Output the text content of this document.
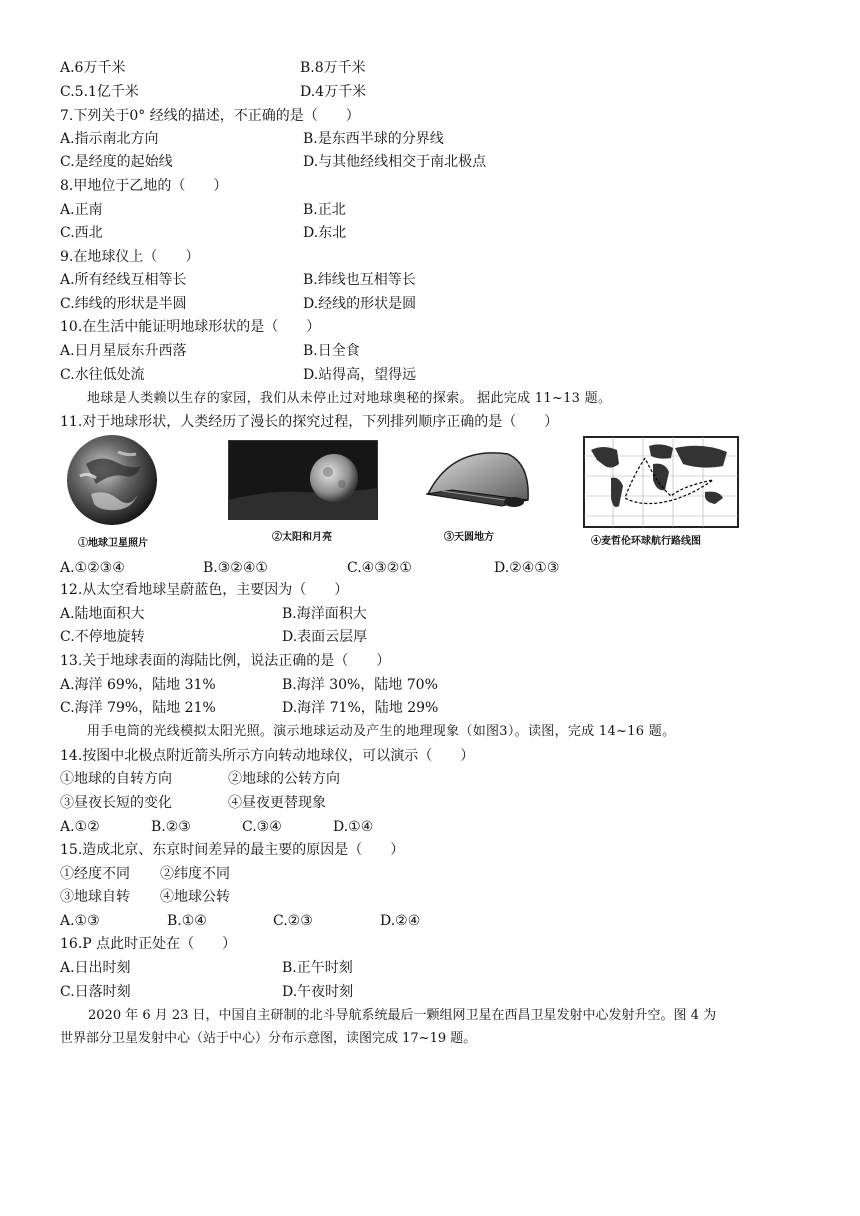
A.6万千米	B.8万千米
C.5.1亿千米	D.4万千米
7.下列关于0° 经线的描述，不正确的是（　　）
A.指示南北方向	B.是东西半球的分界线
C.是经度的起始线	D.与其他经线相交于南北极点
8.甲地位于乙地的（　　）
A.正南	B.正北
C.西北	D.东北
9.在地球仪上（　　）
A.所有经线互相等长	B.纬线也互相等长
C.纬线的形状是半圆	D.经线的形状是圆
10.在生活中能证明地球形状的是（　　）
A.日月星辰东升西落	B.日全食
C.水往低处流	D.站得高，望得远
地球是人类赖以生存的家园，我们从未停止过对地球奥秘的探索。 据此完成 11~13 题。
11.对于地球形状，人类经历了漫长的探究过程，下列排列顺序正确的是（　　）
①地球卫星照片
②太阳和月亮	③天圆地方	④麦哲伦环球航行路线图
A.①②③④	B.③②④①	C.④③②①	D.②④①③
12.从太空看地球呈蔚蓝色，主要因为（　　）
A.陆地面积大	B.海洋面积大
C.不停地旋转	D.表面云层厚
13.关于地球表面的海陆比例，说法正确的是（　　）
A.海洋 69%，陆地 31%	B.海洋 30%，陆地 70%
C.海洋 79%，陆地 21%	D.海洋 71%，陆地 29%
用手电筒的光线模拟太阳光照。演示地球运动及产生的地理现象（如图3）。读图，完成 14~16 题。
14.按图中北极点附近箭头所示方向转动地球仪，可以演示（　　）
①地球的自转方向	②地球的公转方向
③昼夜长短的变化	④昼夜更替现象
A.①②	B.②③	C.③④	D.①④
15.造成北京、东京时间差异的最主要的原因是（　　）
①经度不同 ②纬度不同
③地球自转 ④地球公转
A.①③	B.①④	C.②③	D.②④
16.P 点此时正处在（　　）
A.日出时刻	B.正午时刻
C.日落时刻	D.午夜时刻
2020 年 6 月 23 日，中国自主研制的北斗导航系统最后一颗组网卫星在西昌卫星发射中心发射升空。图 4 为
世界部分卫星发射中心（站于中心）分布示意图，读图完成 17~19 题。
